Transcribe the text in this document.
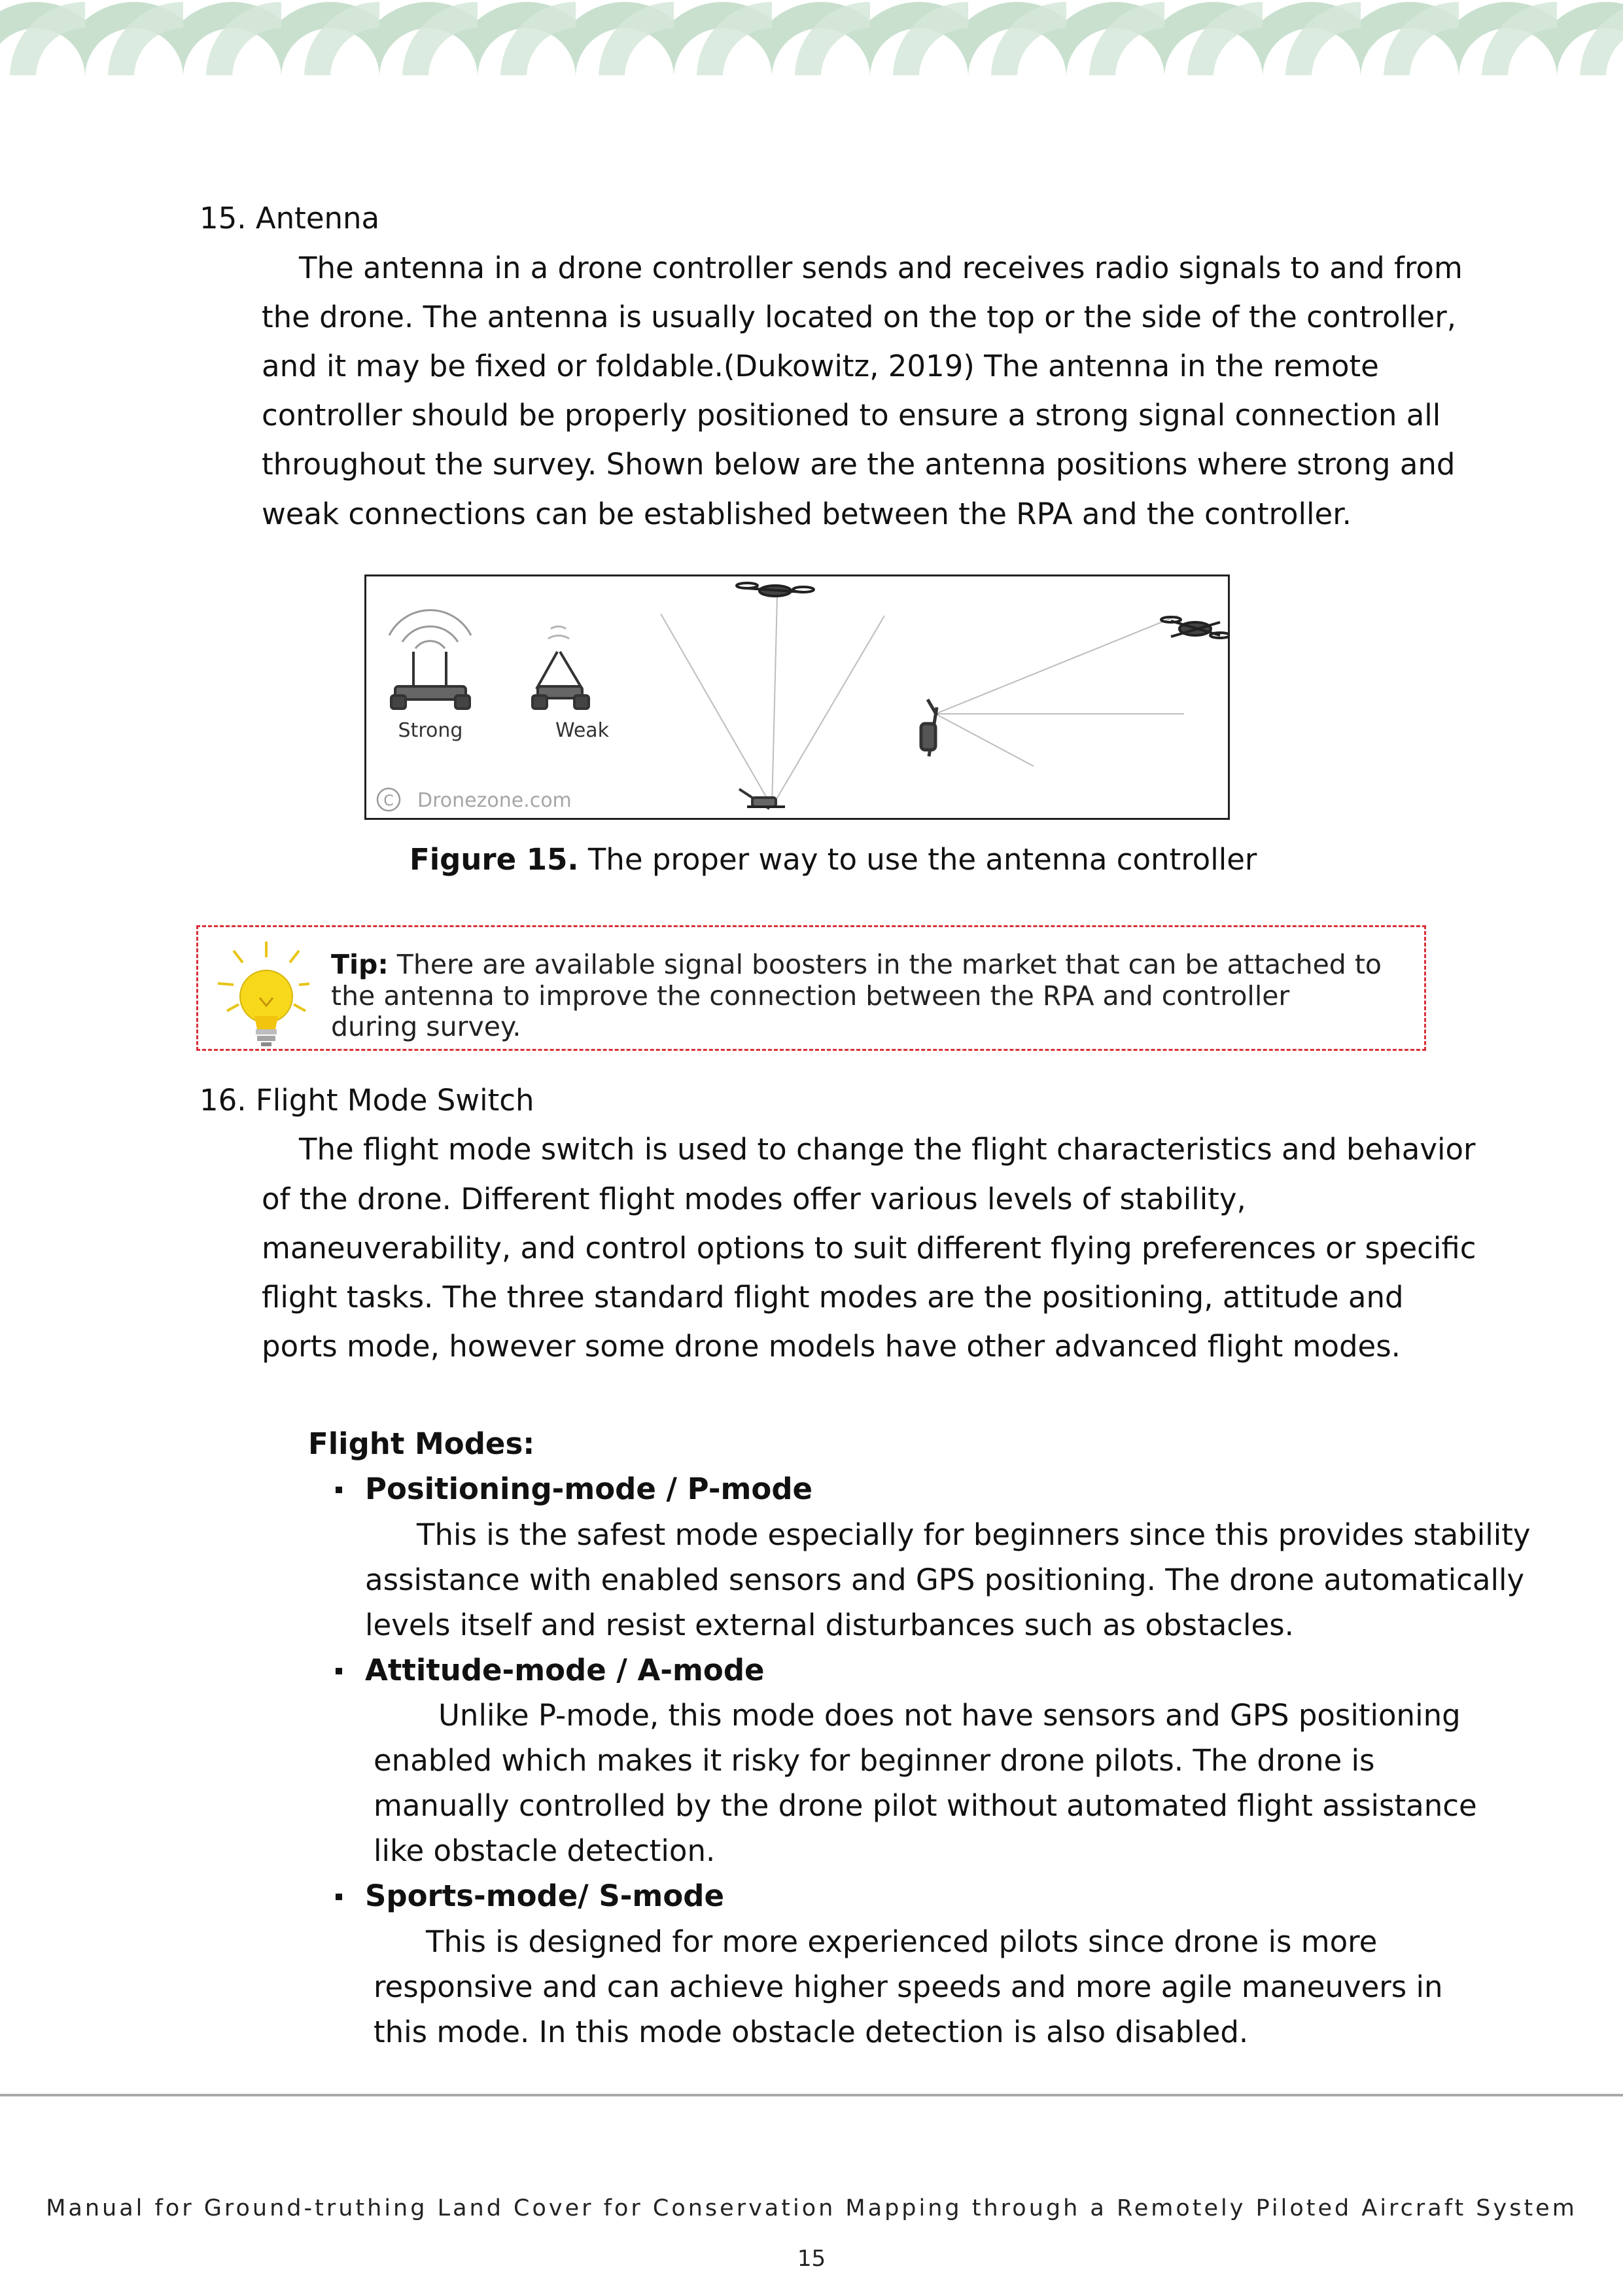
15. Antenna
The antenna in a drone controller sends and receives radio signals to and from
the drone. The antenna is usually located on the top or the side of the controller,
and it may be fixed or foldable.(Dukowitz, 2019) The antenna in the remote
controller should be properly positioned to ensure a strong signal connection all
throughout the survey. Shown below are the antenna positions where strong and
weak connections can be established between the RPA and the controller.
Strong	Weak
C Dronezone.com
Figure 15. The proper way to use the antenna controller
Tip: There are available signal boosters in the market that can be attached to
the antenna to improve the connection between the RPA and controller
during survey.
16. Flight Mode Switch
The flight mode switch is used to change the flight characteristics and behavior
of the drone. Different flight modes offer various levels of stability,
maneuverability, and control options to suit different flying preferences or specific
flight tasks. The three standard flight modes are the positioning, attitude and
ports mode, however some drone models have other advanced flight modes.
Flight Modes:
Positioning-mode / P-mode
This is the safest mode especially for beginners since this provides stability
assistance with enabled sensors and GPS positioning. The drone automatically
levels itself and resist external disturbances such as obstacles.
Attitude-mode / A-mode
Unlike P-mode, this mode does not have sensors and GPS positioning
enabled which makes it risky for beginner drone pilots. The drone is
manually controlled by the drone pilot without automated flight assistance
like obstacle detection.
Sports-mode/ S-mode
This is designed for more experienced pilots since drone is more
responsive and can achieve higher speeds and more agile maneuvers in
this mode. In this mode obstacle detection is also disabled.
Manual for Ground-truthing Land Cover for Conservation Mapping through a Remotely Piloted Aircraft System
15
